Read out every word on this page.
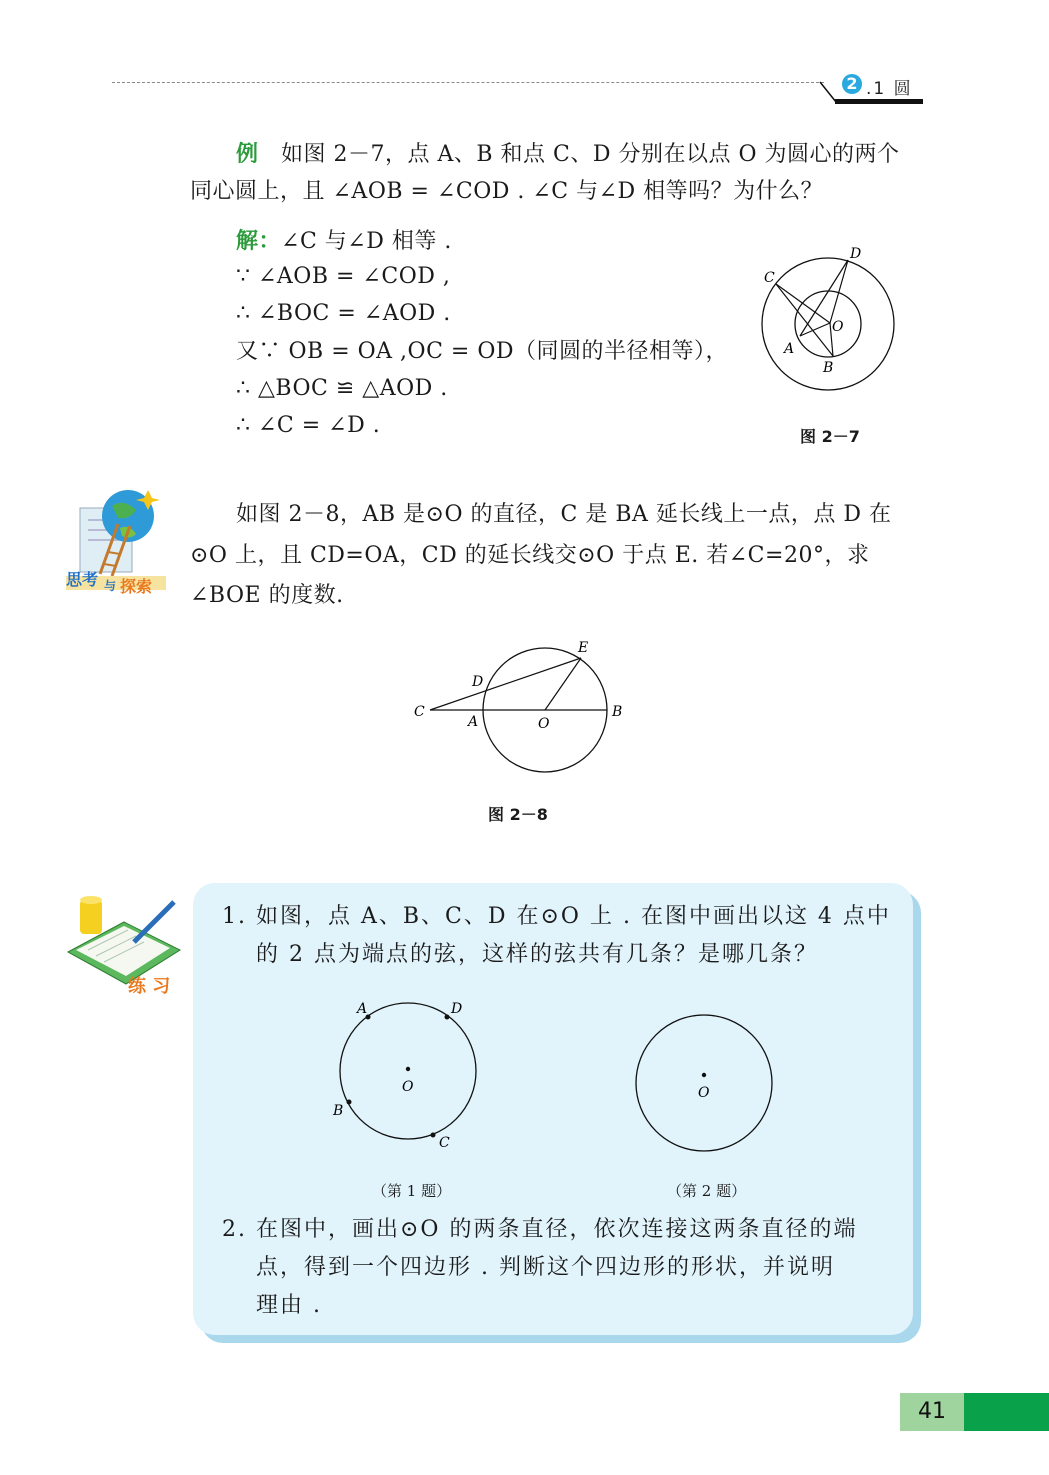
2 .1 圆
例 如图 2－7，点 A、B 和点 C、D 分别在以点 O 为圆心的两个
同心圆上，且 ∠AOB = ∠COD . ∠C 与∠D 相等吗？为什么？
解：∠C 与∠D 相等 .
∵ ∠AOB = ∠COD ,
∴ ∠BOC = ∠AOD .
又∵ OB = OA ,OC = OD（同圆的半径相等），
∴ △BOC ≌ △AOD .
∴ ∠C = ∠D .
C
D
O
A
B
图 2－7
思考 与 探索
如图 2－8，AB 是⊙O 的直径，C 是 BA 延长线上一点，点 D 在
⊙O 上，且 CD=OA，CD 的延长线交⊙O 于点 E. 若∠C=20°，求
∠BOE 的度数.
E
D
C
A	O
B
图 2－8
练 习
1. 如图，点 A、B、C、D 在⊙O 上 . 在图中画出以这 4 点中
的 2 点为端点的弦，这样的弦共有几条？是哪几条？
A	D
O
B
C
（第 1 题）
O
（第 2 题）
2. 在图中，画出⊙O 的两条直径，依次连接这两条直径的端
点，得到一个四边形 . 判断这个四边形的形状，并说明
理由 .
41
